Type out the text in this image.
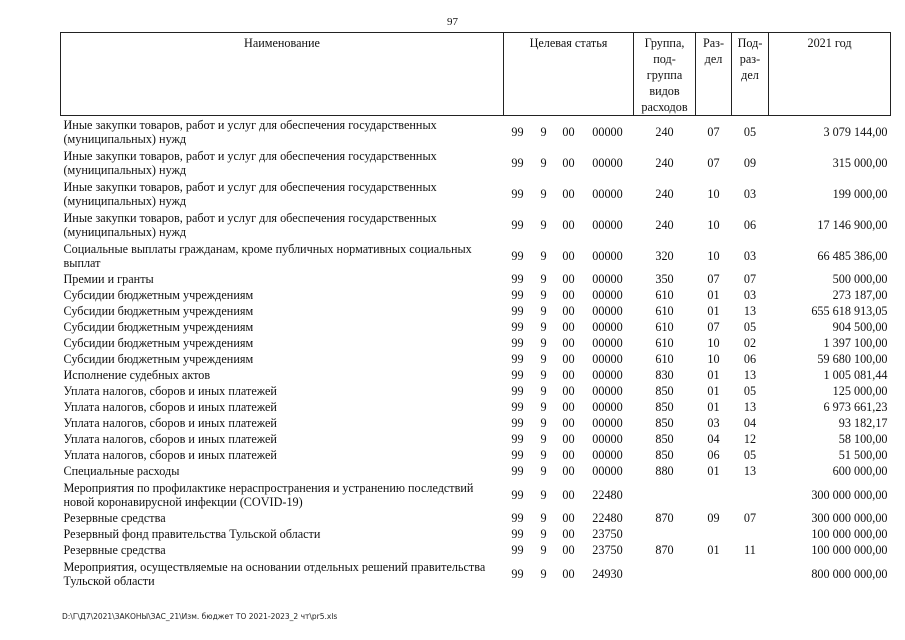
97
Наименование	Целевая статья				Группа, под- группа видов расходов	Раз- дел	Под- раз- дел	2021 год
Иные закупки товаров, работ и услуг для обеспечения государственных (муниципальных) нужд	99	9	00	00000	240	07	05	3 079 144,00
Иные закупки товаров, работ и услуг для обеспечения государственных (муниципальных) нужд	99	9	00	00000	240	07	09	315 000,00
Иные закупки товаров, работ и услуг для обеспечения государственных (муниципальных) нужд	99	9	00	00000	240	10	03	199 000,00
Иные закупки товаров, работ и услуг для обеспечения государственных (муниципальных) нужд	99	9	00	00000	240	10	06	17 146 900,00
Социальные выплаты гражданам, кроме публичных нормативных социальных выплат	99	9	00	00000	320	10	03	66 485 386,00
Премии и гранты	99	9	00	00000	350	07	07	500 000,00
Субсидии бюджетным учреждениям	99	9	00	00000	610	01	03	273 187,00
Субсидии бюджетным учреждениям	99	9	00	00000	610	01	13	655 618 913,05
Субсидии бюджетным учреждениям	99	9	00	00000	610	07	05	904 500,00
Субсидии бюджетным учреждениям	99	9	00	00000	610	10	02	1 397 100,00
Субсидии бюджетным учреждениям	99	9	00	00000	610	10	06	59 680 100,00
Исполнение судебных актов	99	9	00	00000	830	01	13	1 005 081,44
Уплата налогов, сборов и иных платежей	99	9	00	00000	850	01	05	125 000,00
Уплата налогов, сборов и иных платежей	99	9	00	00000	850	01	13	6 973 661,23
Уплата налогов, сборов и иных платежей	99	9	00	00000	850	03	04	93 182,17
Уплата налогов, сборов и иных платежей	99	9	00	00000	850	04	12	58 100,00
Уплата налогов, сборов и иных платежей	99	9	00	00000	850	06	05	51 500,00
Специальные расходы	99	9	00	00000	880	01	13	600 000,00
Мероприятия по профилактике нераспространения и устранению последствий новой коронавирусной инфекции (COVID-19)	99	9	00	22480				300 000 000,00
Резервные средства	99	9	00	22480	870	09	07	300 000 000,00
Резервный фонд правительства Тульской области	99	9	00	23750				100 000 000,00
Резервные средства	99	9	00	23750	870	01	11	100 000 000,00
Мероприятия, осуществляемые на основании отдельных решений правительства Тульской области	99	9	00	24930				800 000 000,00
D:\Г\Д7\2021\ЗАКОНЫ\ЗАС_21\Изм. бюджет ТО 2021-2023_2 чт\pr5.xls
